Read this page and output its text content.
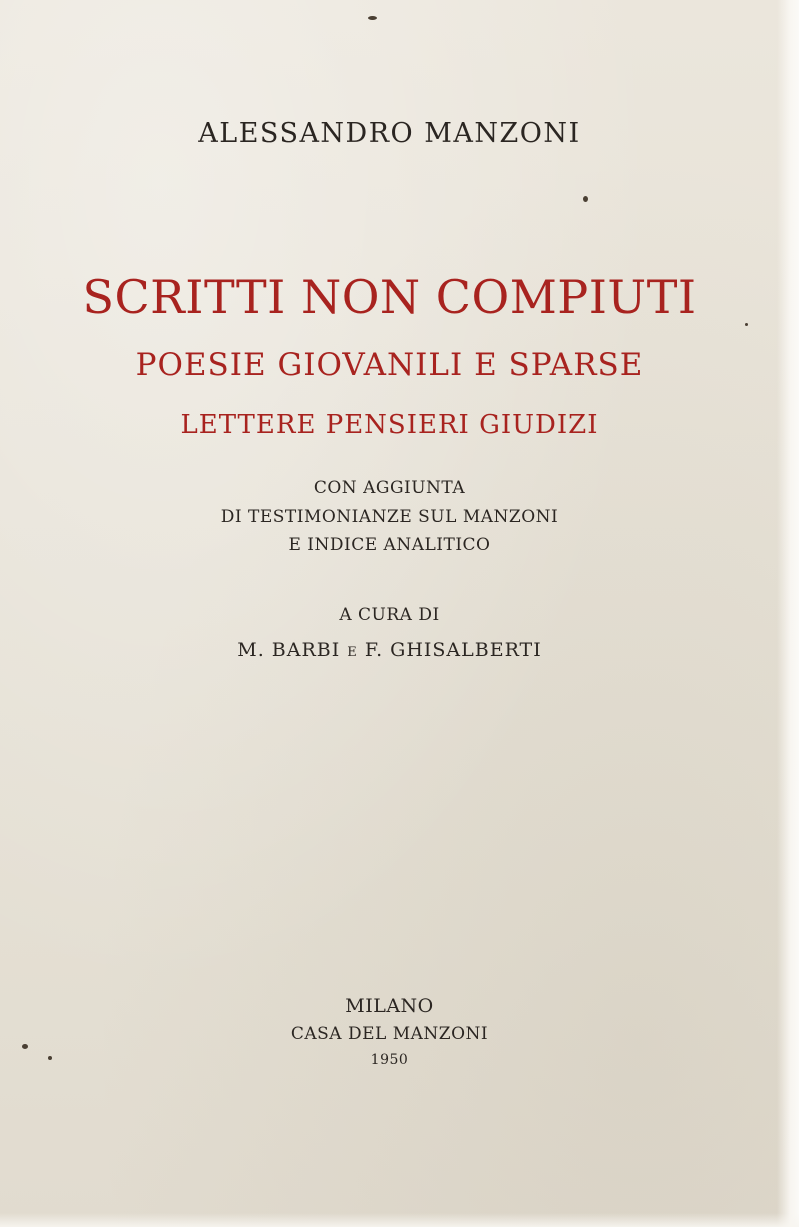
ALESSANDRO MANZONI
SCRITTI NON COMPIUTI
POESIE GIOVANILI E SPARSE
LETTERE PENSIERI GIUDIZI
CON AGGIUNTA
DI TESTIMONIANZE SUL MANZONI
E INDICE ANALITICO
A CURA DI
M. BARBI E F. GHISALBERTI
MILANO
CASA DEL MANZONI
1950
